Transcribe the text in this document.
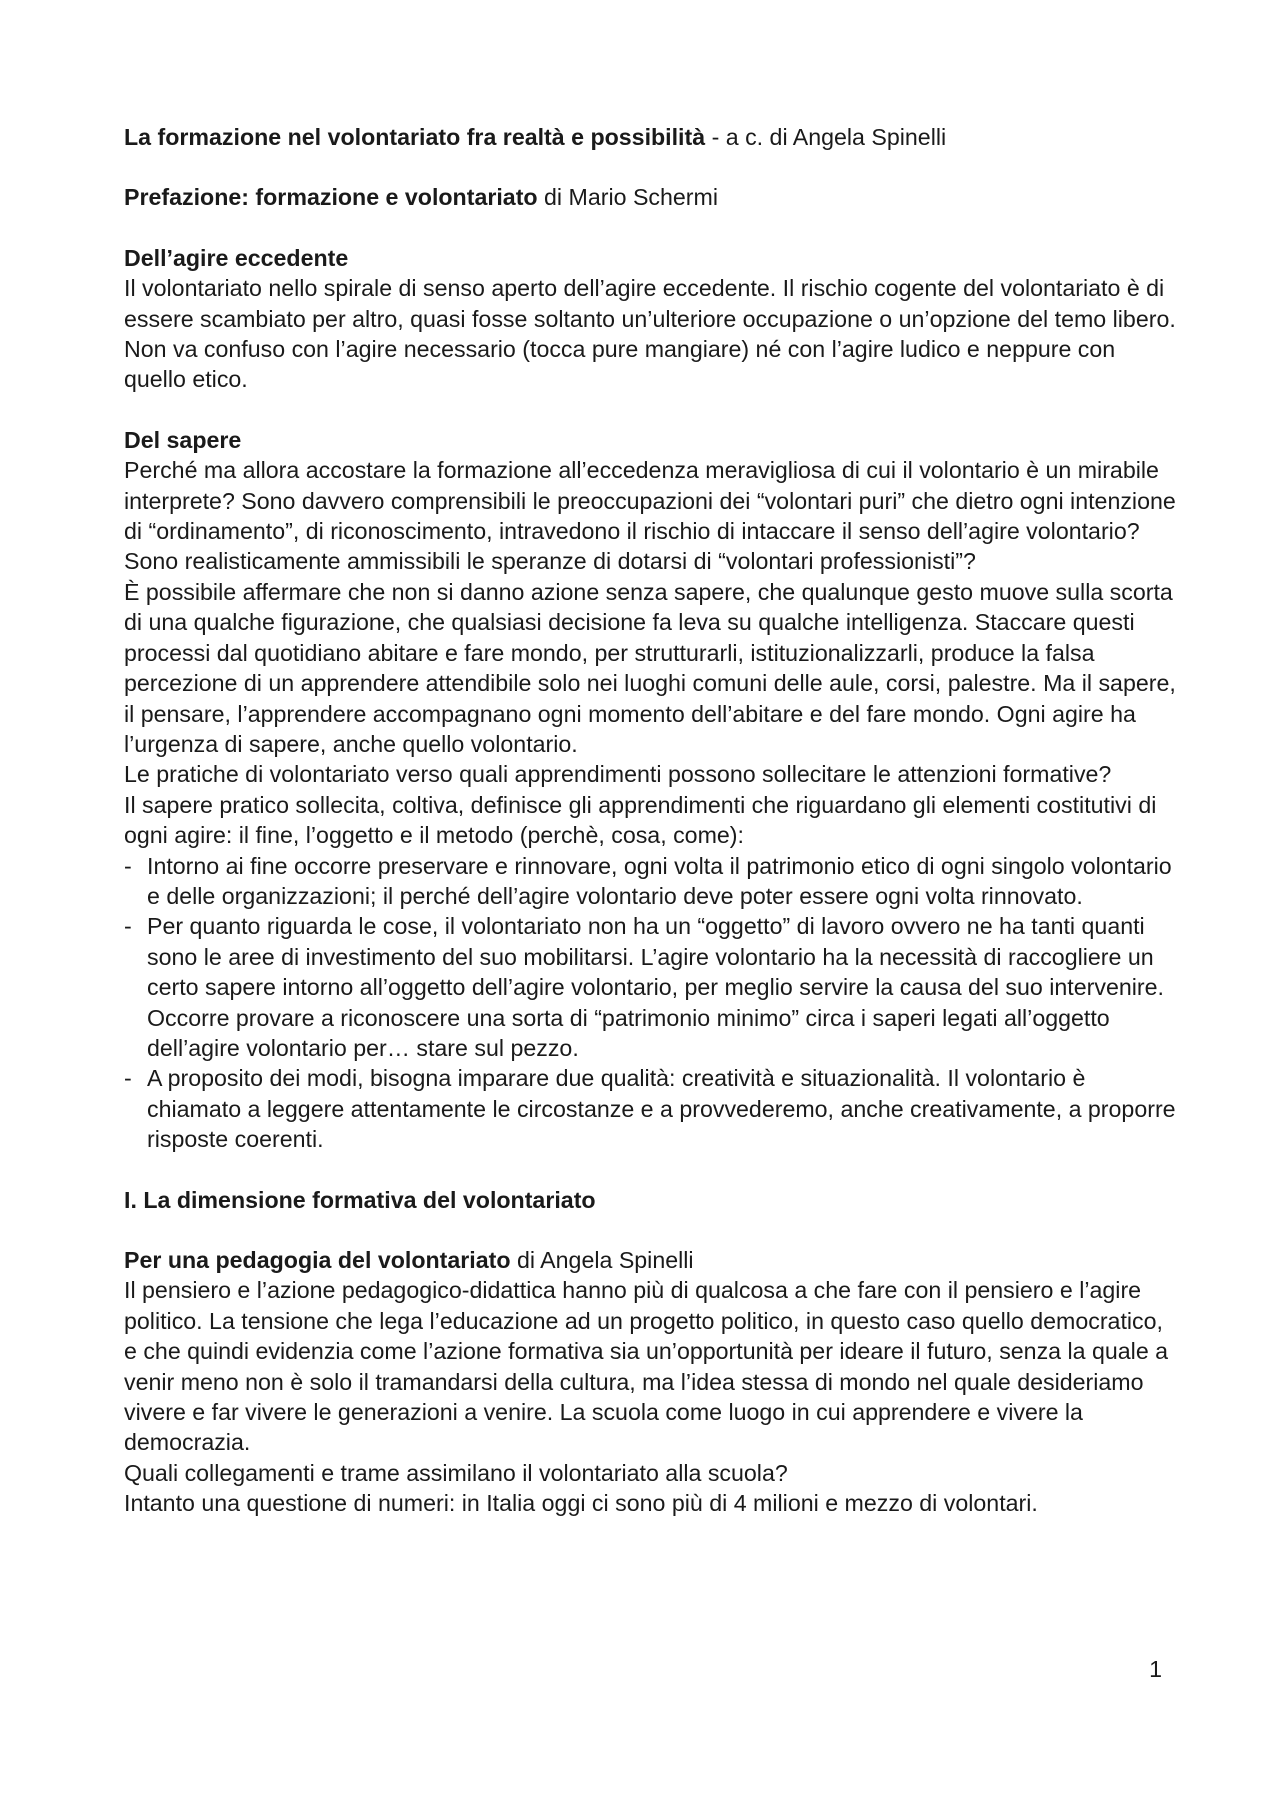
La formazione nel volontariato fra realtà e possibilità - a c. di Angela Spinelli

Prefazione: formazione e volontariato di Mario Schermi

Dell’agire eccedente

Il volontariato nello spirale di senso aperto dell’agire eccedente. Il rischio cogente del volontariato è di essere scambiato per altro, quasi fosse soltanto un’ulteriore occupazione o un’opzione del temo libero. Non va confuso con l’agire necessario (tocca pure mangiare) né con l’agire ludico e neppure con quello etico.

Del sapere

Perché ma allora accostare la formazione all’eccedenza meravigliosa di cui il volontario è un mirabile interprete? Sono davvero comprensibili le preoccupazioni dei “volontari puri” che dietro ogni intenzione di “ordinamento”, di riconoscimento, intravedono il rischio di intaccare il senso dell’agire volontario? Sono realisticamente ammissibili le speranze di dotarsi di “volontari professionisti”?

È possibile affermare che non si danno azione senza sapere, che qualunque gesto muove sulla scorta di una qualche figurazione, che qualsiasi decisione fa leva su qualche intelligenza. Staccare questi processi dal quotidiano abitare e fare mondo, per strutturarli, istituzionalizzarli, produce la falsa percezione di un apprendere attendibile solo nei luoghi comuni delle aule, corsi, palestre. Ma il sapere, il pensare, l’apprendere accompagnano ogni momento dell’abitare e del fare mondo. Ogni agire ha l’urgenza di sapere, anche quello volontario.

Le pratiche di volontariato verso quali apprendimenti possono sollecitare le attenzioni formative?

Il sapere pratico sollecita, coltiva, definisce gli apprendimenti che riguardano gli elementi costitutivi di ogni agire: il fine, l’oggetto e il metodo (perchè, cosa, come):

- Intorno ai fine occorre preservare e rinnovare, ogni volta il patrimonio etico di ogni singolo volontario e delle organizzazioni; il perché dell’agire volontario deve poter essere ogni volta rinnovato.
- Per quanto riguarda le cose, il volontariato non ha un “oggetto” di lavoro ovvero ne ha tanti quanti sono le aree di investimento del suo mobilitarsi. L’agire volontario ha la necessità di raccogliere un certo sapere intorno all’oggetto dell’agire volontario, per meglio servire la causa del suo intervenire. Occorre provare a riconoscere una sorta di “patrimonio minimo” circa i saperi legati all’oggetto dell’agire volontario per… stare sul pezzo.
- A proposito dei modi, bisogna imparare due qualità: creatività e situazionalità. Il volontario è chiamato a leggere attentamente le circostanze e a provvederemo, anche creativamente, a proporre risposte coerenti.

I. La dimensione formativa del volontariato

Per una pedagogia del volontariato di Angela Spinelli

Il pensiero e l’azione pedagogico-didattica hanno più di qualcosa a che fare con il pensiero e l’agire politico. La tensione che lega l’educazione ad un progetto politico, in questo caso quello democratico, e che quindi evidenzia come l’azione formativa sia un’opportunità per ideare il futuro, senza la quale a venir meno non è solo il tramandarsi della cultura, ma l’idea stessa di mondo nel quale desideriamo vivere e far vivere le generazioni a venire. La scuola come luogo in cui apprendere e vivere la democrazia.

Quali collegamenti e trame assimilano il volontariato alla scuola?

Intanto una questione di numeri: in Italia oggi ci sono più di 4 milioni e mezzo di volontari.

1
